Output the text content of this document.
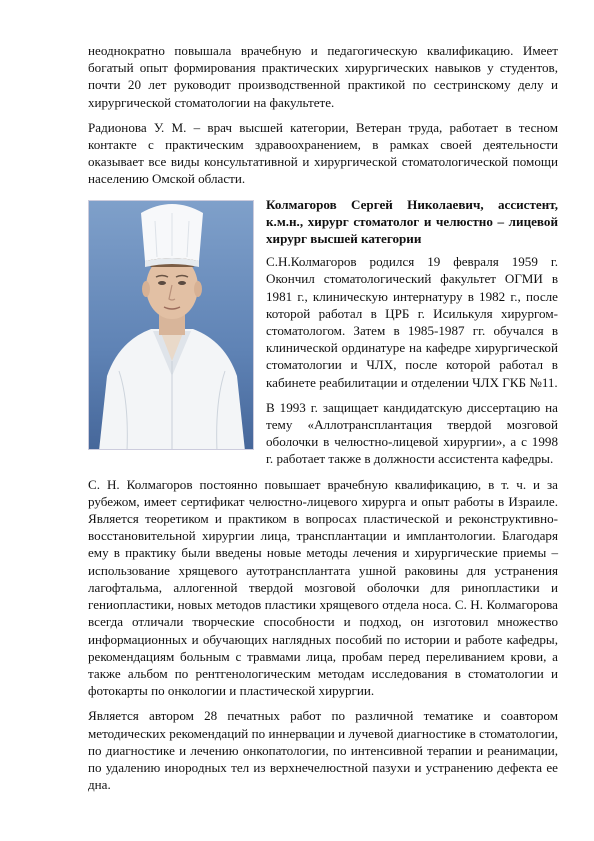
неоднократно повышала врачебную и педагогическую квалификацию. Имеет богатый опыт формирования практических хирургических навыков у студентов, почти 20 лет руководит производственной практикой по сестринскому делу и хирургической стоматологии на факультете.

Радионова У. М. – врач высшей категории, Ветеран труда, работает в тесном контакте с практическим здравоохранением, в рамках своей деятельности оказывает все виды консультативной и хирургической стоматологической помощи населению Омской области.

Колмагоров Сергей Николаевич, ассистент, к.м.н., хирург стоматолог и челюстно – лицевой хирург высшей категории

С.Н.Колмагоров родился 19 февраля 1959 г. Окончил стоматологический факультет ОГМИ в 1981 г., клиническую интернатуру в 1982 г., после которой работал в ЦРБ г. Исилькуля хирургом-стоматологом. Затем в 1985-1987 гг. обучался в клинической ординатуре на кафедре хирургической стоматологии и ЧЛХ, после которой работал в кабинете реабилитации и отделении ЧЛХ ГКБ №11.

В 1993 г. защищает кандидатскую диссертацию на тему «Аллотрансплантация твердой мозговой оболочки в челюстно-лицевой хирургии», а с 1998 г. работает также в должности ассистента кафедры.

С. Н. Колмагоров постоянно повышает врачебную квалификацию, в т. ч. и за рубежом, имеет сертификат челюстно-лицевого хирурга и опыт работы в Израиле. Является теоретиком и практиком в вопросах пластической и реконструктивно-восстановительной хирургии лица, трансплантации и имплантологии. Благодаря ему в практику были введены новые методы лечения и хирургические приемы – использование хрящевого аутотрансплантата ушной раковины для устранения лагофтальма, аллогенной твердой мозговой оболочки для ринопластики и гениопластики, новых методов пластики хрящевого отдела носа. С. Н. Колмагорова всегда отличали творческие способности и подход, он изготовил множество информационных и обучающих наглядных пособий по истории и работе кафедры, рекомендациям больным с травмами лица, пробам перед переливанием крови, а также альбом по рентгенологическим методам исследования в стоматологии и фотокарты по онкологии и пластической хирургии.

Является автором 28 печатных работ по различной тематике и соавтором методических рекомендаций по иннервации и лучевой диагностике в стоматологии, по диагностике и лечению онкопатологии, по интенсивной терапии и реанимации, по удалению инородных тел из верхнечелюстной пазухи и устранению дефекта ее дна.
